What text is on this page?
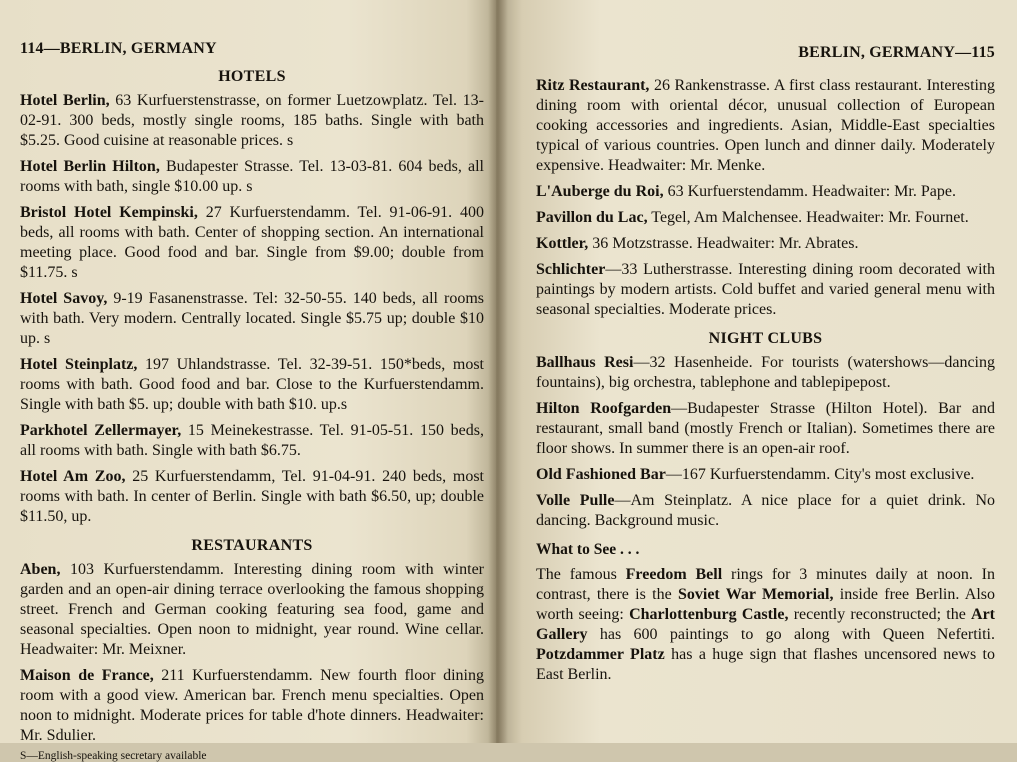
114—BERLIN, GERMANY
HOTELS

Hotel Berlin, 63 Kurfuerstenstrasse, on former Luetzowplatz. Tel. 13-02-91. 300 beds, mostly single rooms, 185 baths. Single with bath $5.25. Good cuisine at reasonable prices. s

Hotel Berlin Hilton, Budapester Strasse. Tel. 13-03-81. 604 beds, all rooms with bath, single $10.00 up. s

Bristol Hotel Kempinski, 27 Kurfuerstendamm. Tel. 91-06-91. 400 beds, all rooms with bath. Center of shopping section. An international meeting place. Good food and bar. Single from $9.00; double from $11.75. s

Hotel Savoy, 9-19 Fasanenstrasse. Tel: 32-50-55. 140 beds, all rooms with bath. Very modern. Centrally located. Single $5.75 up; double $10 up. s

Hotel Steinplatz, 197 Uhlandstrasse. Tel. 32-39-51. 150*beds, most rooms with bath. Good food and bar. Close to the Kurfuerstendamm. Single with bath $5. up; double with bath $10. up.s

Parkhotel Zellermayer, 15 Meinekestrasse. Tel. 91-05-51. 150 beds, all rooms with bath. Single with bath $6.75.

Hotel Am Zoo, 25 Kurfuerstendamm, Tel. 91-04-91. 240 beds, most rooms with bath. In center of Berlin. Single with bath $6.50, up; double $11.50, up.

RESTAURANTS

Aben, 103 Kurfuerstendamm. Interesting dining room with winter garden and an open-air dining terrace overlooking the famous shopping street. French and German cooking featuring sea food, game and seasonal specialties. Open noon to midnight, year round. Wine cellar. Headwaiter: Mr. Meixner.

Maison de France, 211 Kurfuerstendamm. New fourth floor dining room with a good view. American bar. French menu specialties. Open noon to midnight. Moderate prices for table d'hote dinners. Headwaiter: Mr. Sdulier.

S—English-speaking secretary available
BERLIN, GERMANY—115

Ritz Restaurant, 26 Rankenstrasse. A first class restaurant. Interesting dining room with oriental décor, unusual collection of European cooking accessories and ingredients. Asian, Middle-East specialties typical of various countries. Open lunch and dinner daily. Moderately expensive. Headwaiter: Mr. Menke.

L'Auberge du Roi, 63 Kurfuerstendamm. Headwaiter: Mr. Pape.

Pavillon du Lac, Tegel, Am Malchensee. Headwaiter: Mr. Fournet.

Kottler, 36 Motzstrasse. Headwaiter: Mr. Abrates.

Schlichter—33 Lutherstrasse. Interesting dining room decorated with paintings by modern artists. Cold buffet and varied general menu with seasonal specialties. Moderate prices.

NIGHT CLUBS

Ballhaus Resi—32 Hasenheide. For tourists (watershows—dancing fountains), big orchestra, tablephone and tablepipepost.

Hilton Roofgarden—Budapester Strasse (Hilton Hotel). Bar and restaurant, small band (mostly French or Italian). Sometimes there are floor shows. In summer there is an open-air roof.

Old Fashioned Bar—167 Kurfuerstendamm. City's most exclusive.

Volle Pulle—Am Steinplatz. A nice place for a quiet drink. No dancing. Background music.

What to See . . .

The famous Freedom Bell rings for 3 minutes daily at noon. In contrast, there is the Soviet War Memorial, inside free Berlin. Also worth seeing: Charlottenburg Castle, recently reconstructed; the Art Gallery has 600 paintings to go along with Queen Nefertiti. Potzdammer Platz has a huge sign that flashes uncensored news to East Berlin.
